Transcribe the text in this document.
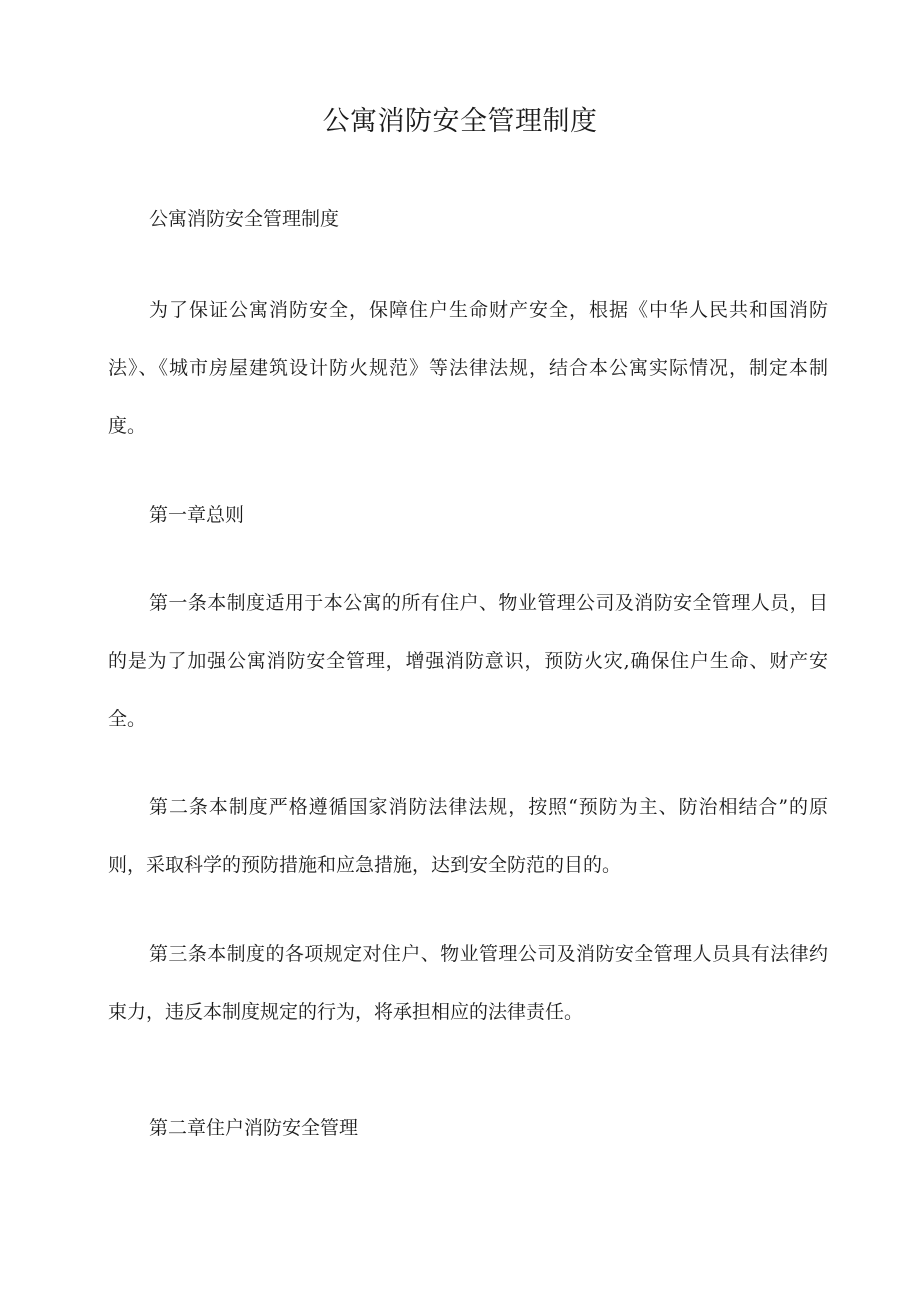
公寓消防安全管理制度

公寓消防安全管理制度

为了保证公寓消防安全，保障住户生命财产安全，根据《中华人民共和国消防法》、《城市房屋建筑设计防火规范》等法律法规，结合本公寓实际情况，制定本制度。

第一章总则

第一条本制度适用于本公寓的所有住户、物业管理公司及消防安全管理人员，目的是为了加强公寓消防安全管理，增强消防意识，预防火灾,确保住户生命、财产安全。

第二条本制度严格遵循国家消防法律法规，按照“预防为主、防治相结合”的原则，采取科学的预防措施和应急措施，达到安全防范的目的。

第三条本制度的各项规定对住户、物业管理公司及消防安全管理人员具有法律约束力，违反本制度规定的行为，将承担相应的法律责任。

第二章住户消防安全管理
